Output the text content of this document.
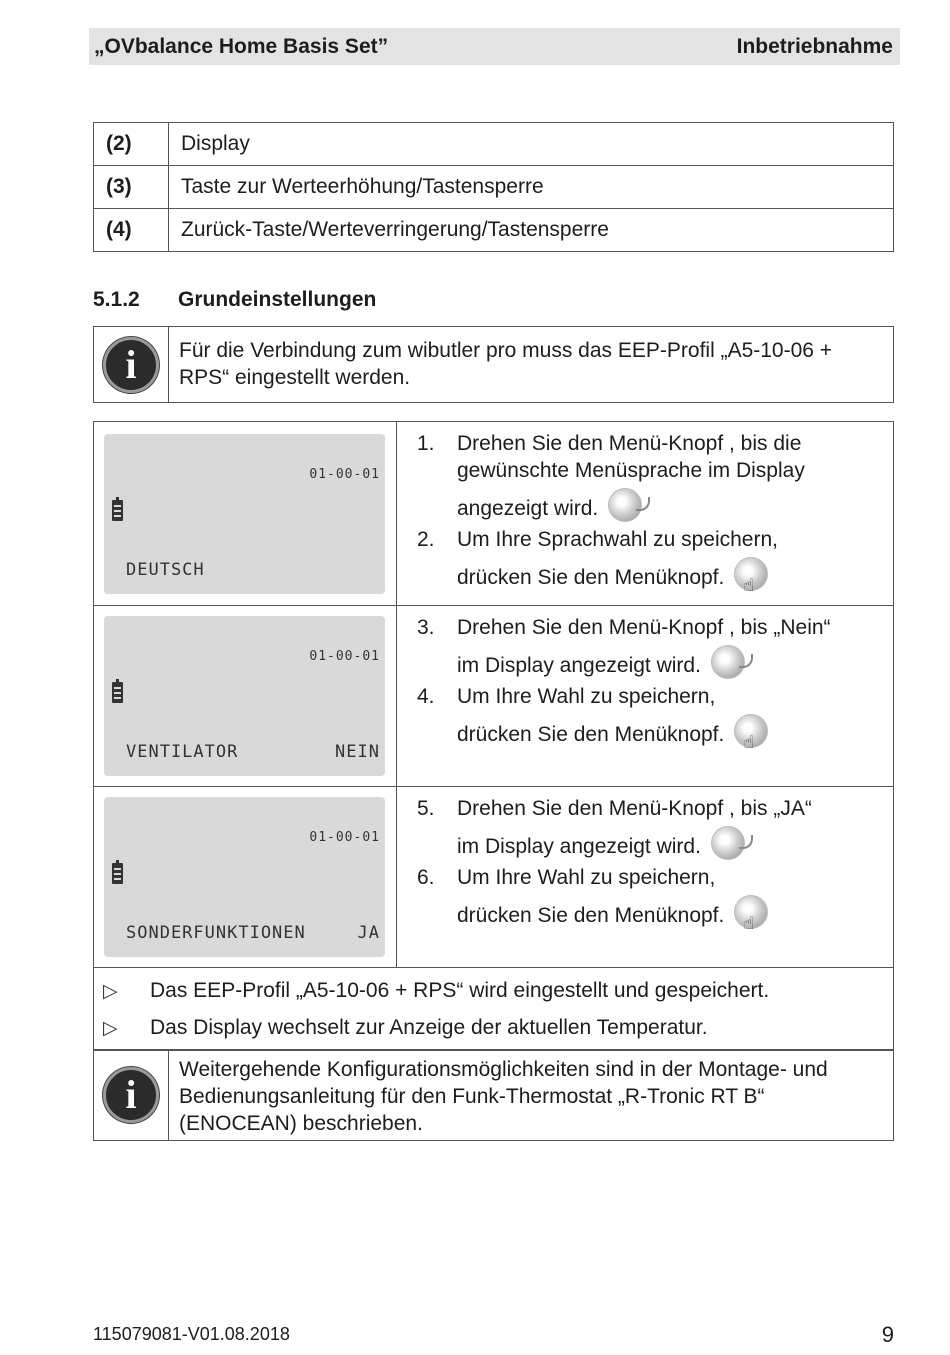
„OVbalance Home Basis Set”	Inbetriebnahme
(2)	Display
(3)	Taste zur Werteerhöhung/Tastensperre
(4)	Zurück-Taste/Werteverringerung/Tastensperre
5.1.2	Grundeinstellungen
i	Für die Verbindung zum wibutler pro muss das EEP-Profil „A5-10-06 + RPS“ eingestellt werden.
01-00-01
DEUTSCH
1.	Drehen Sie den Menü-Knopf , bis die gewünschte Menüsprache im Display
angezeigt wird.
2.	Um Ihre Sprachwahl zu speichern,
drücken Sie den Menüknopf.
☝
01-00-01
VENTILATOR	NEIN
3.	Drehen Sie den Menü-Knopf , bis „Nein“
im Display angezeigt wird.
4.	Um Ihre Wahl zu speichern,
drücken Sie den Menüknopf.
☝
01-00-01
SONDERFUNKTIONEN	JA
5.	Drehen Sie den Menü-Knopf , bis „JA“
im Display angezeigt wird.
6.	Um Ihre Wahl zu speichern,
drücken Sie den Menüknopf.
☝
▷	Das EEP-Profil „A5-10-06 + RPS“ wird eingestellt und gespeichert.
▷	Das Display wechselt zur Anzeige der aktuellen Temperatur.
i
Weitergehende Konfigurationsmöglichkeiten sind in der Montage- und Bedienungsanleitung für den Funk-Thermostat „R-Tronic RT B“ (ENOCEAN) beschrieben.
115079081-V01.08.2018	9
